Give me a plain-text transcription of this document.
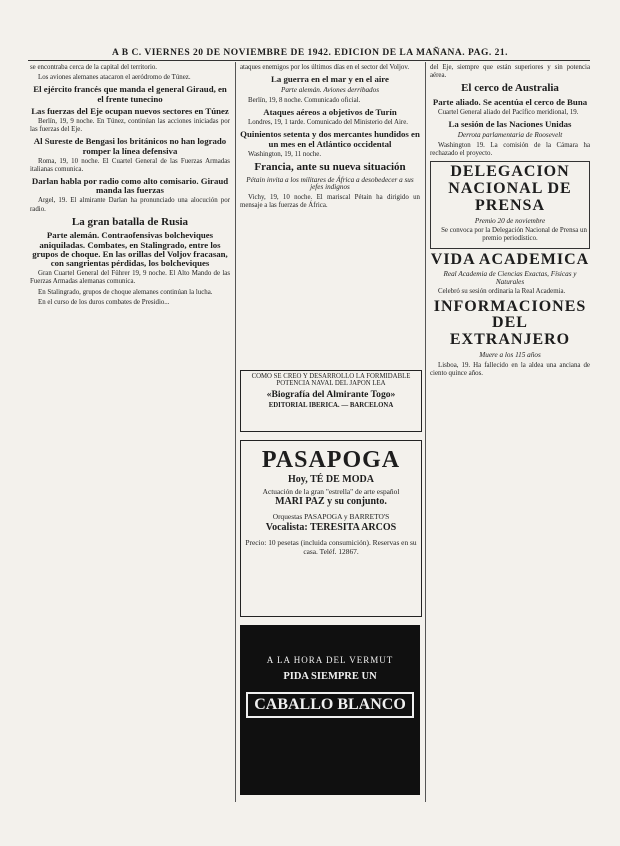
A B C. VIERNES 20 DE NOVIEMBRE DE 1942. EDICION DE LA MAÑANA. PAG. 21.

se encontraba cerca de la capital del territorio.

Los aviones alemanes atacaron el aeródromo de Túnez.

El ejército francés que manda el general Giraud, en el frente tunecino
Las fuerzas del Eje ocupan nuevos sectores en Túnez

Berlín, 19, 9 noche. En Túnez, continúan las acciones iniciadas por las fuerzas del Eje.

Al Sureste de Bengasi los británicos no han logrado romper la línea defensiva

Roma, 19, 10 noche. El Cuartel General de las Fuerzas Armadas italianas comunica.

Darlan habla por radio como alto comisario. Giraud manda las fuerzas

Argel, 19. El almirante Darlan ha pronunciado una alocución por radio.

La gran batalla de Rusia
Parte alemán. Contraofensivas bolcheviques aniquiladas. Combates, en Stalingrado, entre los grupos de choque. En las orillas del Voljov fracasan, con sangrientas pérdidas, los bolcheviques

Gran Cuartel General del Führer 19, 9 noche. El Alto Mando de las Fuerzas Armadas alemanas comunica.

En Stalingrado, grupos de choque alemanes continúan la lucha.

En el curso de los duros combates de Presidio...

ataques enemigos por los últimos días en el sector del Voljov.

La guerra en el mar y en el aire
Parte alemán. Aviones derribados

Berlín, 19, 8 noche. Comunicado oficial.

Ataques aéreos a objetivos de Turín

Londres, 19, 1 tarde. Comunicado del Ministerio del Aire.

Quinientos setenta y dos mercantes hundidos en un mes en el Atlántico occidental

Washington, 19, 11 noche.

Francia, ante su nueva situación
Pétain invita a los militares de África a desobedecer a sus jefes indignos

Vichy, 19, 10 noche. El mariscal Pétain ha dirigido un mensaje a las fuerzas de África.

COMO SE CREO Y DESARROLLO LA FORMIDABLE POTENCIA NAVAL DEL JAPON LEA
«Biografía del Almirante Togo»
EDITORIAL IBERICA. — BARCELONA
PASAPOGA
Hoy, TÉ DE MODA
Actuación de la gran "estrella" de arte español
MARI PAZ y su conjunto.
Orquestas PASAPOGA y BARRETO'S
Vocalista: TERESITA ARCOS
Precio: 10 pesetas (incluida consumición). Reservas en su casa. Teléf. 12867.
A LA HORA DEL VERMUT
PIDA SIEMPRE UN
CABALLO BLANCO

del Eje, siempre que están superiores y sin potencia aérea.

El cerco de Australia
Parte aliado. Se acentúa el cerco de Buna

Cuartel General aliado del Pacífico meridional, 19.

La sesión de las Naciones Unidas
Derrota parlamentaria de Roosevelt

Washington 19. La comisión de la Cámara ha rechazado el proyecto.

DELEGACION NACIONAL DE PRENSA
Premio 20 de noviembre

Se convoca por la Delegación Nacional de Prensa un premio periodístico.

VIDA ACADEMICA
Real Academia de Ciencias Exactas, Físicas y Naturales

Celebró su sesión ordinaria la Real Academia.

INFORMACIONES DEL EXTRANJERO
Muere a los 115 años

Lisboa, 19. Ha fallecido en la aldea una anciana de ciento quince años.
